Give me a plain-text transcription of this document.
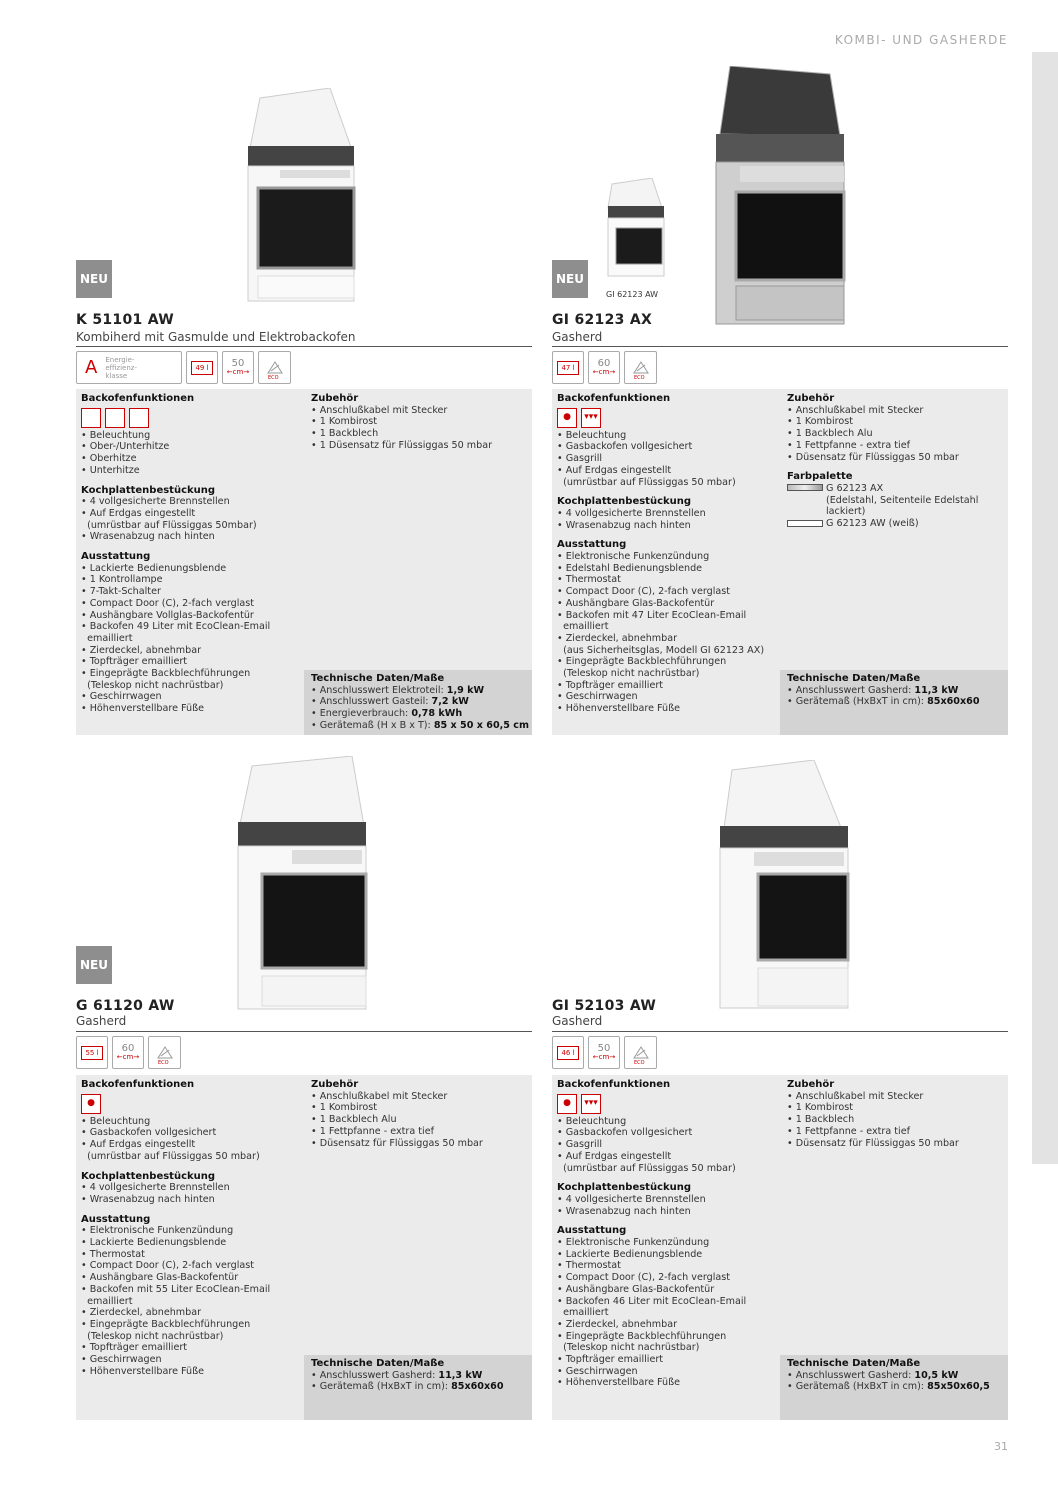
KOMBI- UND GASHERDE
31
GI 62123 AW
NEU
K 51101 AW
Kombiherd mit Gasmulde und Elektrobackofen
A Energie-
effizienz-
klasse
49 l	50
←cm→
ECO
Backofenfunktionen
• Beleuchtung
• Ober-/Unterhitze
• Oberhitze
• Unterhitze
Kochplattenbestückung
• 4 vollgesicherte Brennstellen
• Auf Erdgas eingestellt
(umrüstbar auf Flüssiggas 50mbar)
• Wrasenabzug nach hinten
Ausstattung
• Lackierte Bedienungsblende
• 1 Kontrollampe
• 7-Takt-Schalter
• Compact Door (C), 2-fach verglast
• Aushängbare Vollglas-Backofentür
• Backofen 49 Liter mit EcoClean-Email
emailliert
• Zierdeckel, abnehmbar
• Topfträger emailliert
• Eingeprägte Backblechführungen
(Teleskop nicht nachrüstbar)
• Geschirrwagen
• Höhenverstellbare Füße
Zubehör
• Anschlußkabel mit Stecker
• 1 Kombirost
• 1 Backblech
• 1 Düsensatz für Flüssiggas 50 mbar
Technische Daten/Maße
• Anschlusswert Elektroteil: 1,9 kW
• Anschlusswert Gasteil: 7,2 kW
• Energieverbrauch: 0,78 kWh
• Gerätemaß (H x B x T): 85 x 50 x 60,5 cm
NEU
GI 62123 AX
Gasherd
47 l	60
←cm→
ECO
Backofenfunktionen
●	▾▾▾
• Beleuchtung
• Gasbackofen vollgesichert
• Gasgrill
• Auf Erdgas eingestellt
(umrüstbar auf Flüssiggas 50 mbar)
Kochplattenbestückung
• 4 vollgesicherte Brennstellen
• Wrasenabzug nach hinten
Ausstattung
• Elektronische Funkenzündung
• Edelstahl Bedienungsblende
• Thermostat
• Compact Door (C), 2-fach verglast
• Aushängbare Glas-Backofentür
• Backofen mit 47 Liter EcoClean-Email
emailliert
• Zierdeckel, abnehmbar
(aus Sicherheitsglas, Modell GI 62123 AX)
• Eingeprägte Backblechführungen
(Teleskop nicht nachrüstbar)
• Topfträger emailliert
• Geschirrwagen
• Höhenverstellbare Füße
Zubehör
• Anschlußkabel mit Stecker
• 1 Kombirost
• 1 Backblech Alu
• 1 Fettpfanne - extra tief
• Düsensatz für Flüssiggas 50 mbar
Farbpalette
G 62123 AX
(Edelstahl, Seitenteile Edelstahl
lackiert)
G 62123 AW (weiß)
Technische Daten/Maße
• Anschlusswert Gasherd: 11,3 kW
• Gerätemaß (HxBxT in cm): 85x60x60
NEU
G 61120 AW
Gasherd
55 l	60
←cm→
ECO
Backofenfunktionen
●
• Beleuchtung
• Gasbackofen vollgesichert
• Auf Erdgas eingestellt
(umrüstbar auf Flüssiggas 50 mbar)
Kochplattenbestückung
• 4 vollgesicherte Brennstellen
• Wrasenabzug nach hinten
Ausstattung
• Elektronische Funkenzündung
• Lackierte Bedienungsblende
• Thermostat
• Compact Door (C), 2-fach verglast
• Aushängbare Glas-Backofentür
• Backofen mit 55 Liter EcoClean-Email
emailliert
• Zierdeckel, abnehmbar
• Eingeprägte Backblechführungen
(Teleskop nicht nachrüstbar)
• Topfträger emailliert
• Geschirrwagen
• Höhenverstellbare Füße
Zubehör
• Anschlußkabel mit Stecker
• 1 Kombirost
• 1 Backblech Alu
• 1 Fettpfanne - extra tief
• Düsensatz für Flüssiggas 50 mbar
Technische Daten/Maße
• Anschlusswert Gasherd: 11,3 kW
• Gerätemaß (HxBxT in cm): 85x60x60
GI 52103 AW
Gasherd
46 l	50
←cm→
ECO
Backofenfunktionen
●	▾▾▾
• Beleuchtung
• Gasbackofen vollgesichert
• Gasgrill
• Auf Erdgas eingestellt
(umrüstbar auf Flüssiggas 50 mbar)
Kochplattenbestückung
• 4 vollgesicherte Brennstellen
• Wrasenabzug nach hinten
Ausstattung
• Elektronische Funkenzündung
• Lackierte Bedienungsblende
• Thermostat
• Compact Door (C), 2-fach verglast
• Aushängbare Glas-Backofentür
• Backofen 46 Liter mit EcoClean-Email
emailliert
• Zierdeckel, abnehmbar
• Eingeprägte Backblechführungen
(Teleskop nicht nachrüstbar)
• Topfträger emailliert
• Geschirrwagen
• Höhenverstellbare Füße
Zubehör
• Anschlußkabel mit Stecker
• 1 Kombirost
• 1 Backblech
• 1 Fettpfanne - extra tief
• Düsensatz für Flüssiggas 50 mbar
Technische Daten/Maße
• Anschlusswert Gasherd: 10,5 kW
• Gerätemaß (HxBxT in cm): 85x50x60,5
